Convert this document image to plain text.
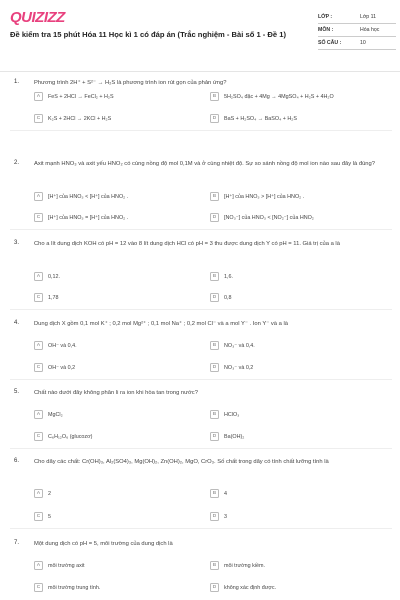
QUIZIZZ
Đề kiểm tra 15 phút Hóa 11 Học kì 1 có đáp án (Trắc nghiệm - Bài số 1 - Đề 1)
LỚP :	Lớp 11
MÔN :	Hóa học
SỐ CÂU :	10
1.	Phương trình 2H⁺ + S²⁻ → H₂S là phương trình ion rút gọn của phản ứng?
A	FeS + 2HCl → FeCl₂ + H₂S	B	5H₂SO₄ đặc + 4Mg → 4MgSO₄ + H₂S + 4H₂O
C	K₂S + 2HCl → 2KCl + H₂S	D	BaS + H₂SO₄ → BaSO₄ + H₂S
2.	Axit mạnh HNO₃ và axit yếu HNO₂ có cùng nồng độ mol 0,1M và ở cùng nhiệt độ. Sự so sánh nồng độ mol ion nào sau đây là đúng?
A	[H⁺] của HNO₃ < [H⁺] của HNO₂ .	B	[H⁺] của HNO₃ > [H⁺] của HNO₂ .
C	[H⁺] của HNO₃ = [H⁺] của HNO₂ .	D	[NO₃⁻] của HNO₃ < [NO₂⁻] của HNO₂
3.	Cho a lít dung dịch KOH có pH = 12 vào 8 lít dung dịch HCl có pH = 3 thu được dung dịch Y có pH = 11. Giá trị của a là
A	0,12.	B	1,6.
C	1,78	D	0,8
4.	Dung dịch X gồm 0,1 mol K⁺ ; 0,2 mol Mg²⁺ ; 0,1 mol Na⁺ ; 0,2 mol Cl⁻ và a mol Y⁻ . Ion Y⁻ và a là
A	OH⁻ và 0,4.	B	NO₃⁻ và 0,4.
C	OH⁻ và 0,2	D	NO₃⁻ và 0,2
5.	Chất nào dưới đây không phân li ra ion khi hòa tan trong nước?
A	MgCl₂	B	HClO₃
C	C₆H₁₂O₆ (glucozơ)	D	Ba(OH)₂
6.	Cho dãy các chất: Cr(OH)₃, Al₂(SO4)₃, Mg(OH)₂, Zn(OH)₂, MgO, CrO₃. Số chất trong dãy có tính chất lưỡng tính là
A	2	B	4
C	5	D	3
7.	Một dung dịch có pH = 5, môi trường của dung dịch là
A	môi trường axit	B	môi trường kiềm.
C	môi trường trung tính.	D	không xác định được.
